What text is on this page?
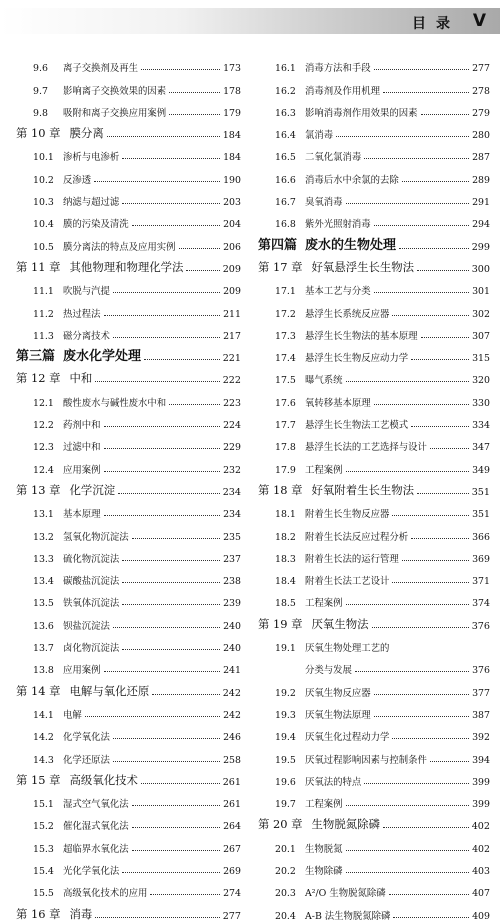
目录 V
9.6	离子交换剂及再生	173
9.7	影响离子交换效果的因素	178
9.8	吸附和离子交换应用案例	179
第 10 章 膜分离	184
10.1 渗析与电渗析	184
10.2 反渗透	190
10.3 纳滤与超过滤	203
10.4 膜的污染及清洗	204
10.5 膜分离法的特点及应用实例	206
第 11 章 其他物理和物理化学法	209
11.1 吹脱与汽提	209
11.2 热过程法	211
11.3 磁分离技术	217
第三篇 废水化学处理	221
第 12 章 中和	222
12.1 酸性废水与碱性废水中和	223
12.2 药剂中和	224
12.3 过滤中和	229
12.4 应用案例	232
第 13 章 化学沉淀	234
13.1 基本原理	234
13.2 氢氧化物沉淀法	235
13.3 硫化物沉淀法	237
13.4 碳酸盐沉淀法	238
13.5 铁氧体沉淀法	239
13.6 钡盐沉淀法	240
13.7 卤化物沉淀法	240
13.8 应用案例	241
第 14 章 电解与氧化还原	242
14.1 电解	242
14.2 化学氧化法	246
14.3 化学还原法	258
第 15 章 高级氧化技术	261
15.1 湿式空气氧化法	261
15.2 催化湿式氧化法	264
15.3 超临界水氧化法	267
15.4 光化学氧化法	269
15.5 高级氧化技术的应用	274
第 16 章 消毒	277
16.1 消毒方法和手段	277
16.2 消毒剂及作用机理	278
16.3 影响消毒剂作用效果的因素	279
16.4 氯消毒	280
16.5 二氧化氯消毒	287
16.6 消毒后水中余氯的去除	289
16.7 臭氧消毒	291
16.8 紫外光照射消毒	294
第四篇 废水的生物处理	299
第 17 章 好氧悬浮生长生物法	300
17.1 基本工艺与分类	301
17.2 悬浮生长系统反应器	302
17.3 悬浮生长生物法的基本原理	307
17.4 悬浮生长生物反应动力学	315
17.5 曝气系统	320
17.6 氧转移基本原理	330
17.7 悬浮生长生物法工艺模式	334
17.8 悬浮生长法的工艺选择与设计	347
17.9 工程案例	349
第 18 章 好氧附着生长生物法	351
18.1 附着生长生物反应器	351
18.2 附着生长法反应过程分析	366
18.3 附着生长法的运行管理	369
18.4 附着生长法工艺设计	371
18.5 工程案例	374
第 19 章 厌氧生物法	376
19.1 厌氧生物处理工艺的
分类与发展	376
19.2 厌氧生物反应器	377
19.3 厌氧生物法原理	387
19.4 厌氧生化过程动力学	392
19.5 厌氧过程影响因素与控制条件	394
19.6 厌氧法的特点	399
19.7 工程案例	399
第 20 章 生物脱氮除磷	402
20.1 生物脱氮	402
20.2 生物除磷	403
20.3 A²/O 生物脱氮除磷	407
20.4 A-B 法生物脱氮除磷	409
